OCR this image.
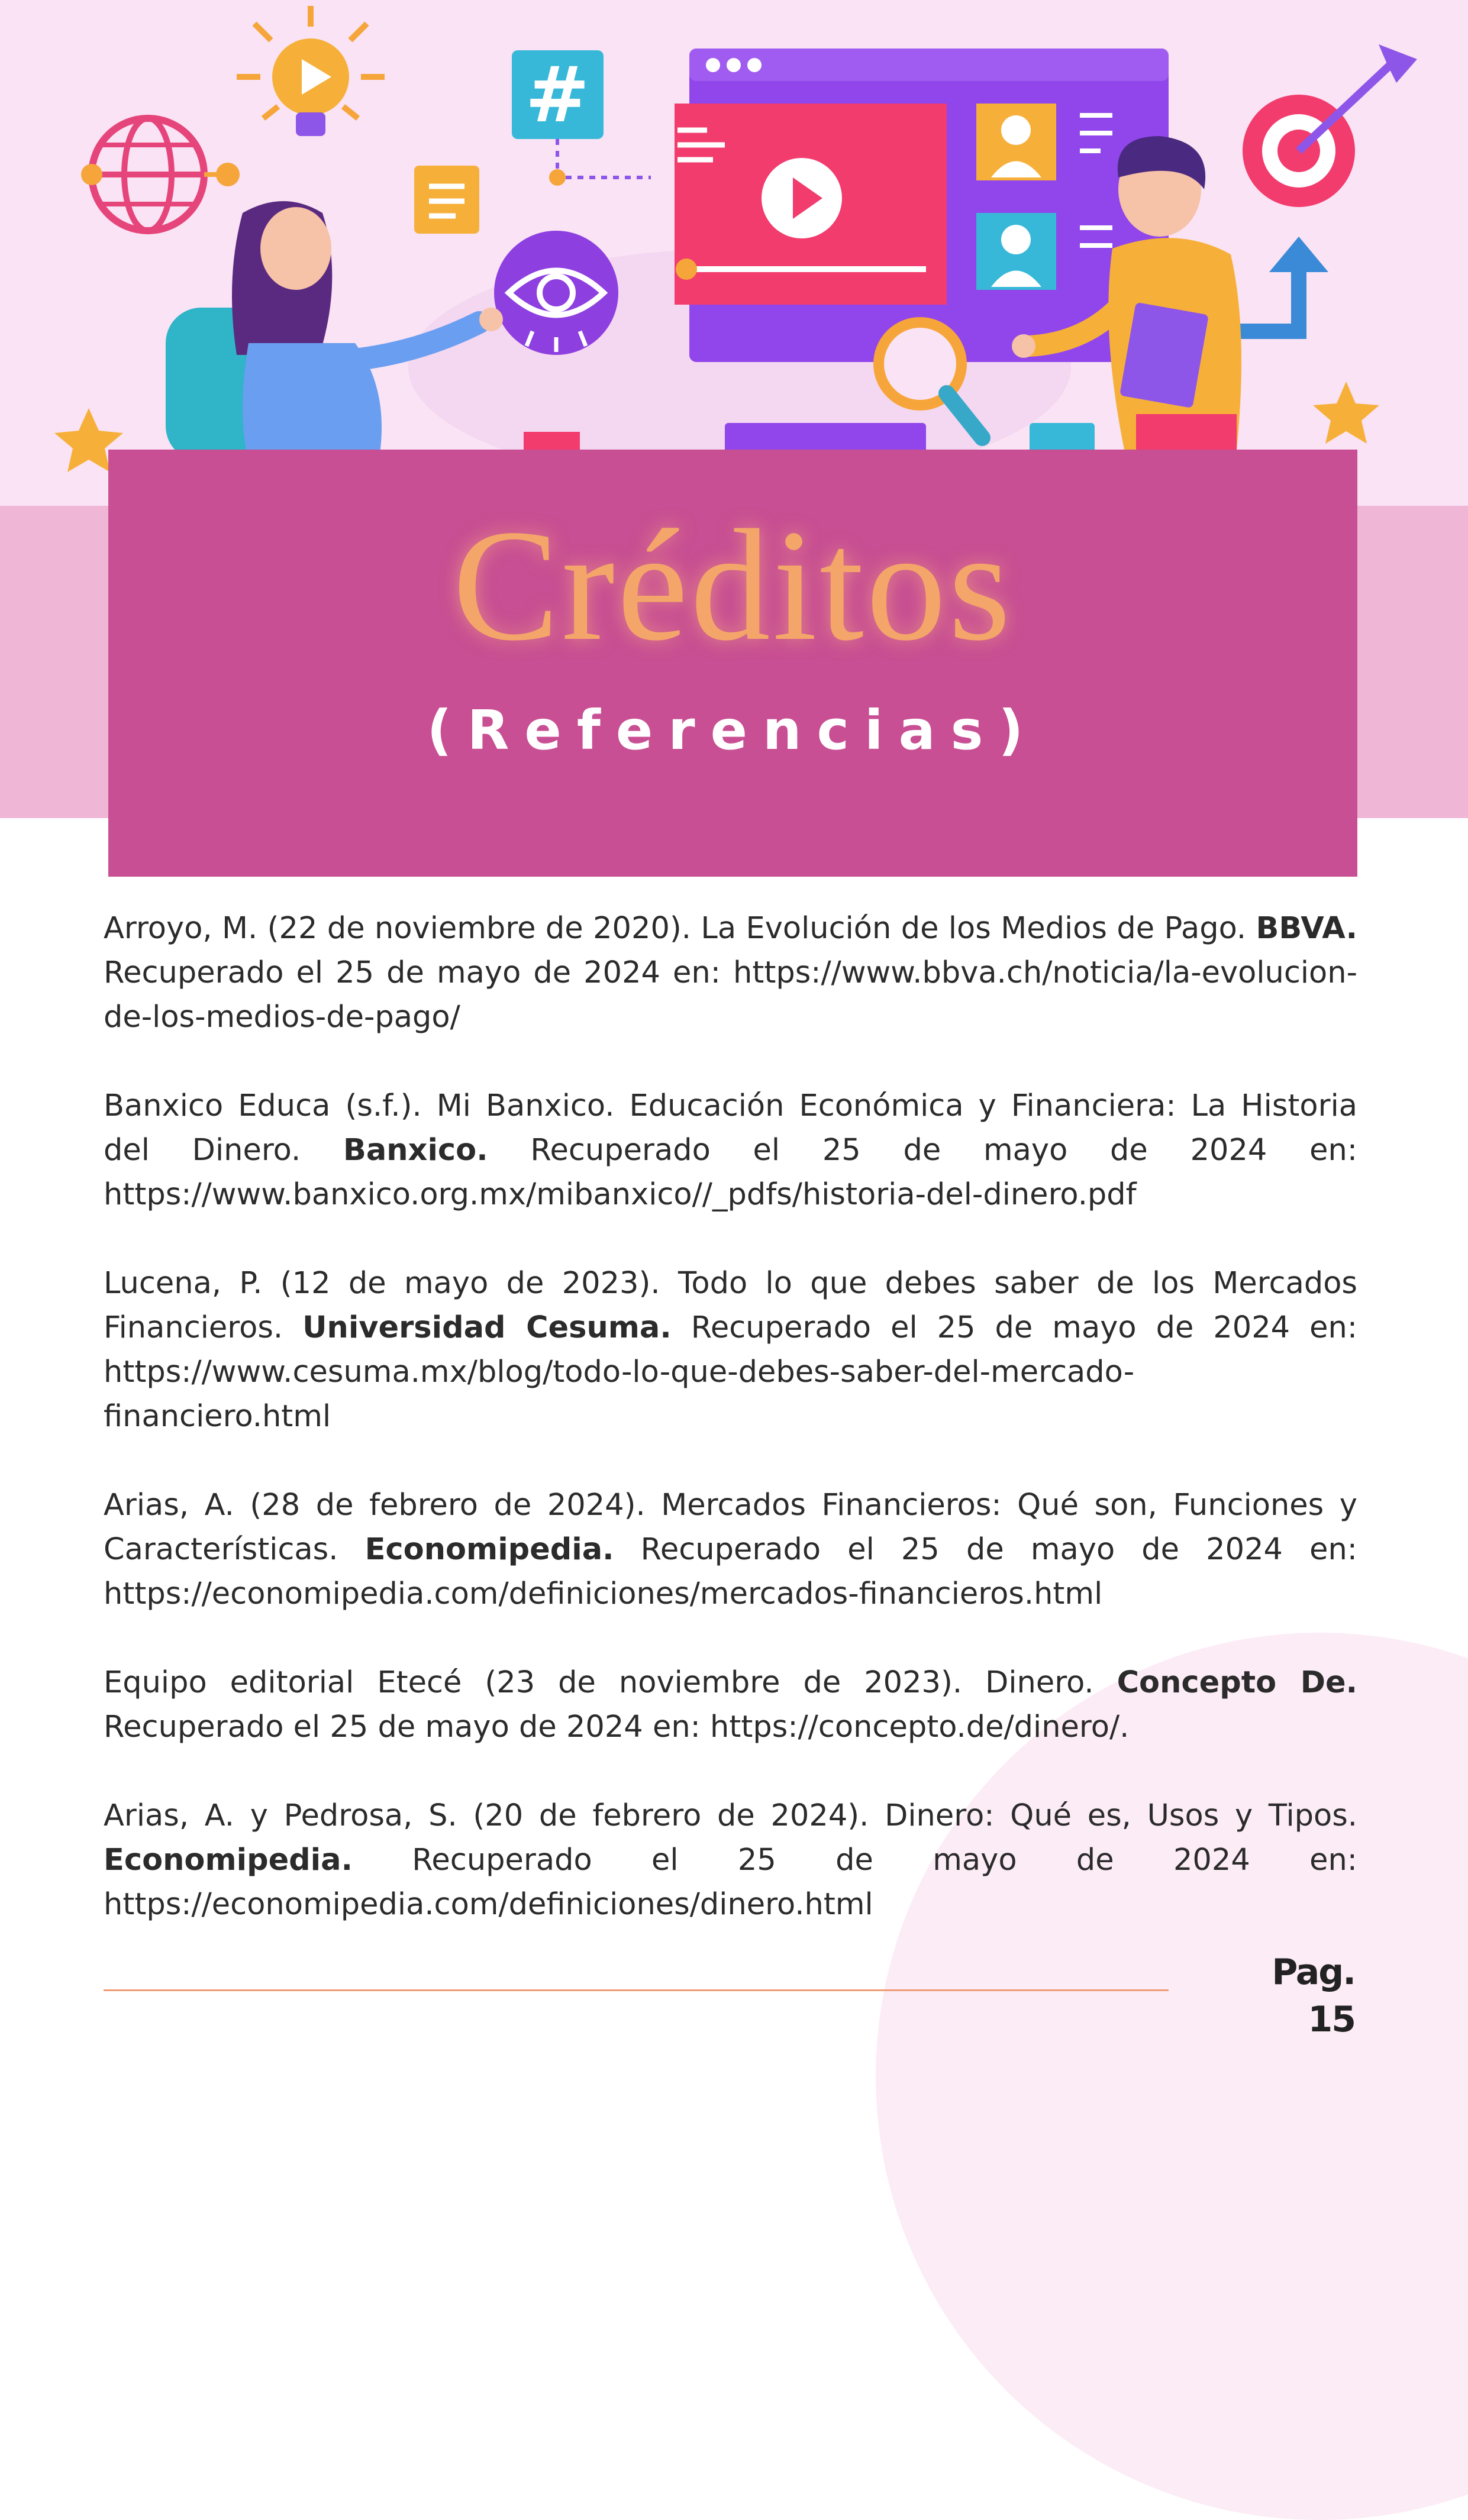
#
Créditos
(Referencias)

Arroyo, M. (22 de noviembre de 2020). La Evolución de los Medios de Pago. BBVA. Recuperado el 25 de mayo de 2024 en: https://www.bbva.ch/noticia/la-evolucion-de-los-medios-de-pago/

Banxico Educa (s.f.). Mi Banxico. Educación Económica y Financiera: La Historia del Dinero. Banxico. Recuperado el 25 de mayo de 2024 en: https://www.banxico.org.mx/mibanxico//_pdfs/historia-del-dinero.pdf

Lucena, P. (12 de mayo de 2023). Todo lo que debes saber de los Mercados Financieros. Universidad Cesuma. Recuperado el 25 de mayo de 2024 en: https://www.cesuma.mx/blog/todo-lo-que-debes-saber-del-mercado-financiero.html

Arias, A. (28 de febrero de 2024). Mercados Financieros: Qué son, Funciones y Características. Economipedia. Recuperado el 25 de mayo de 2024 en: https://economipedia.com/definiciones/mercados-financieros.html

Equipo editorial Etecé (23 de noviembre de 2023). Dinero. Concepto De. Recuperado el 25 de mayo de 2024 en: https://concepto.de/dinero/.

Arias, A. y Pedrosa, S. (20 de febrero de 2024). Dinero: Qué es, Usos y Tipos. Economipedia. Recuperado el 25 de mayo de 2024 en: https://economipedia.com/definiciones/dinero.html

Pag. 15
